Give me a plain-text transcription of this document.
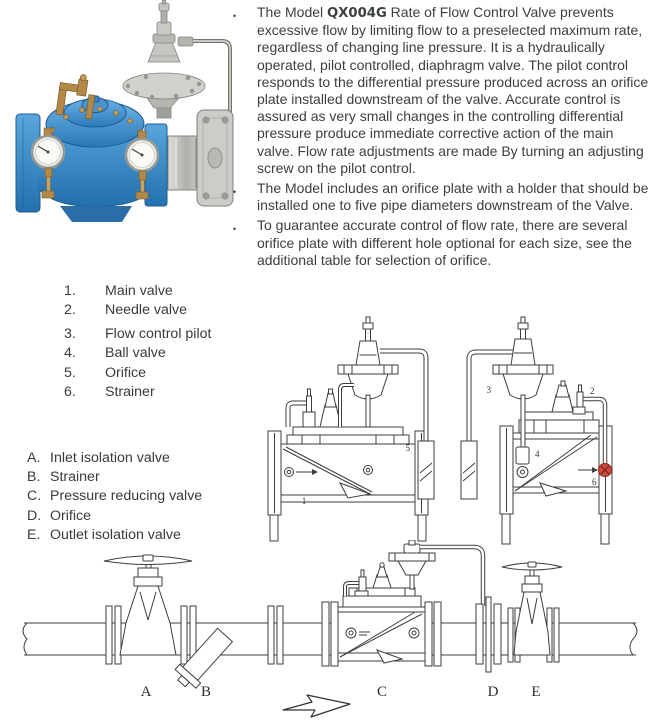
•	The Model QX004G Rate of Flow Control Valve prevents excessive flow by limiting flow to a preselected maximum rate, regardless of changing line pressure. It is a hydraulically operated, pilot controlled, diaphragm valve. The pilot control responds to the differential pressure produced across an orifice plate installed downstream of the valve. Accurate control is assured as very small changes in the controlling differential pressure produce immediate corrective action of the main valve. Flow rate adjustments are made By turning an adjusting screw on the pilot control.
•	The Model includes an orifice plate with a holder that should be installed one to five pipe diameters downstream of the Valve.
•	To guarantee accurate control of flow rate, there are several orifice plate with different hole optional for each size, see the additional table for selection of orifice.
1.	Main valve
2.	Needle valve
3.	Flow control pilot
4.	Ball valve
5.	Orifice
6.	Strainer
A. Inlet isolation valve
B. Strainer
C. Pressure reducing valve
D. Orifice
E. Outlet isolation valve
5
1
3	2
4
6
A	B	C	D E
